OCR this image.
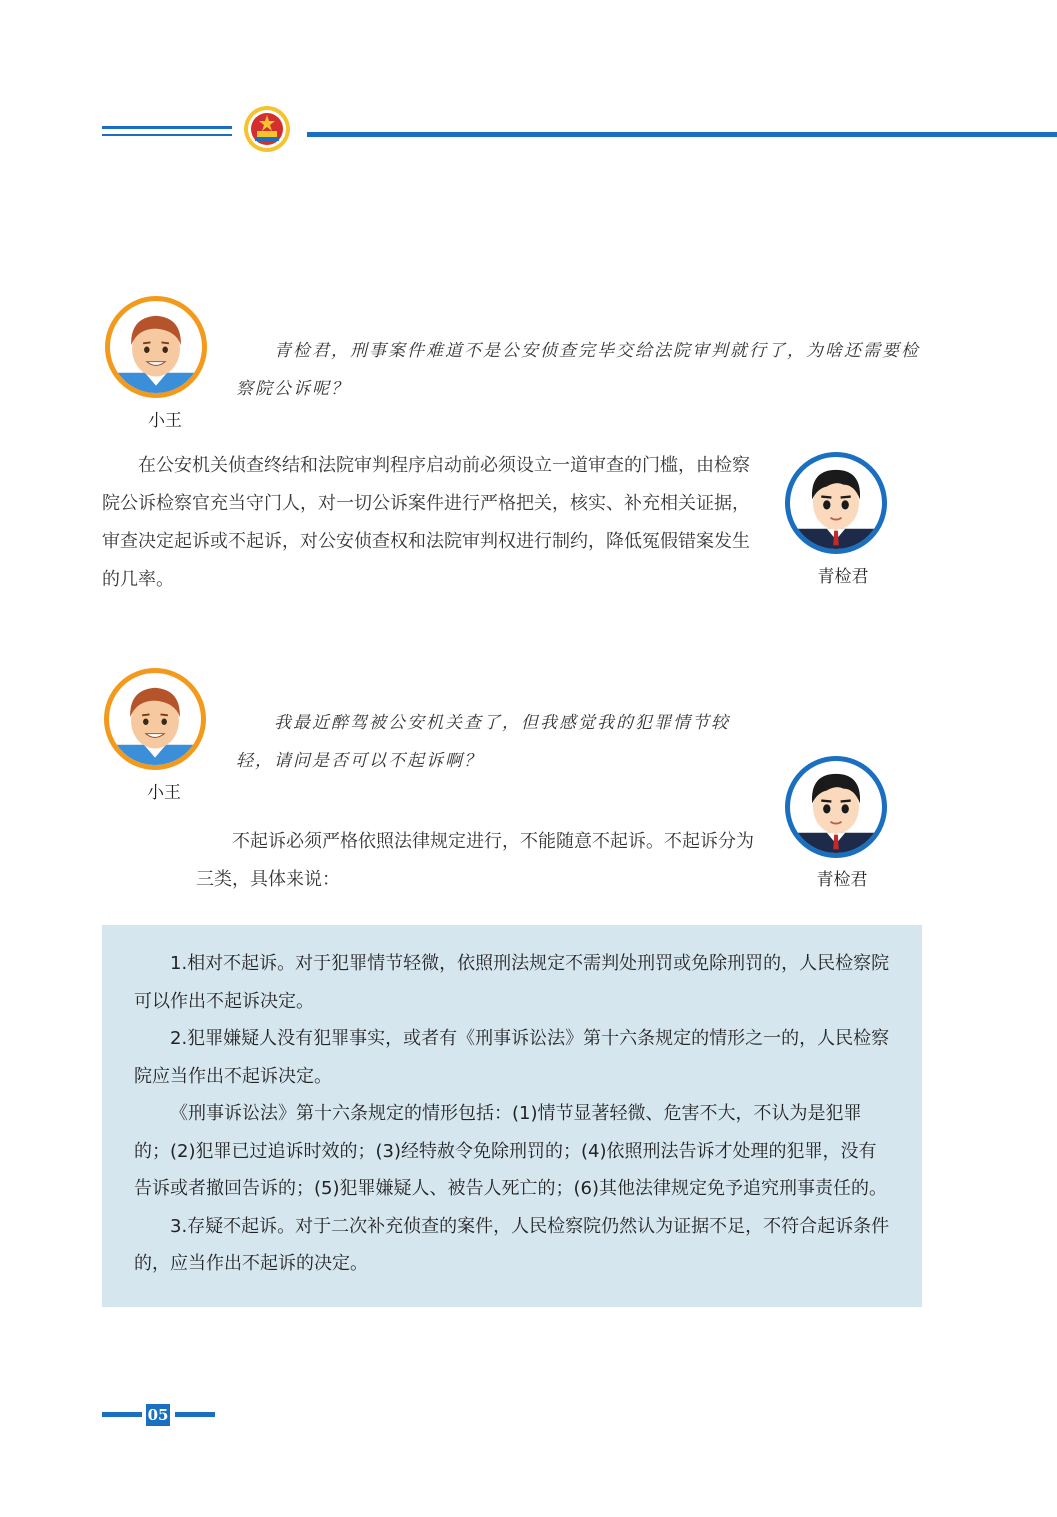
小王
青检君，刑事案件难道不是公安侦查完毕交给法院审判就行了，为啥还需要检察院公诉呢？

在公安机关侦查终结和法院审判程序启动前必须设立一道审查的门槛，由检察院公诉检察官充当守门人，对一切公诉案件进行严格把关，核实、补充相关证据，审查决定起诉或不起诉，对公安侦查权和法院审判权进行制约，降低冤假错案发生的几率。	青检君
小王
我最近醉驾被公安机关查了，但我感觉我的犯罪情节较轻，请问是否可以不起诉啊？
青检君

不起诉必须严格依照法律规定进行，不能随意不起诉。不起诉分为三类，具体来说：

1.相对不起诉。对于犯罪情节轻微，依照刑法规定不需判处刑罚或免除刑罚的，人民检察院可以作出不起诉决定。

2.犯罪嫌疑人没有犯罪事实，或者有《刑事诉讼法》第十六条规定的情形之一的，人民检察院应当作出不起诉决定。

《刑事诉讼法》第十六条规定的情形包括：(1)情节显著轻微、危害不大，不认为是犯罪的；(2)犯罪已过追诉时效的；(3)经特赦令免除刑罚的；(4)依照刑法告诉才处理的犯罪，没有告诉或者撤回告诉的；(5)犯罪嫌疑人、被告人死亡的；(6)其他法律规定免予追究刑事责任的。

3.存疑不起诉。对于二次补充侦查的案件，人民检察院仍然认为证据不足，不符合起诉条件的，应当作出不起诉的决定。

05
